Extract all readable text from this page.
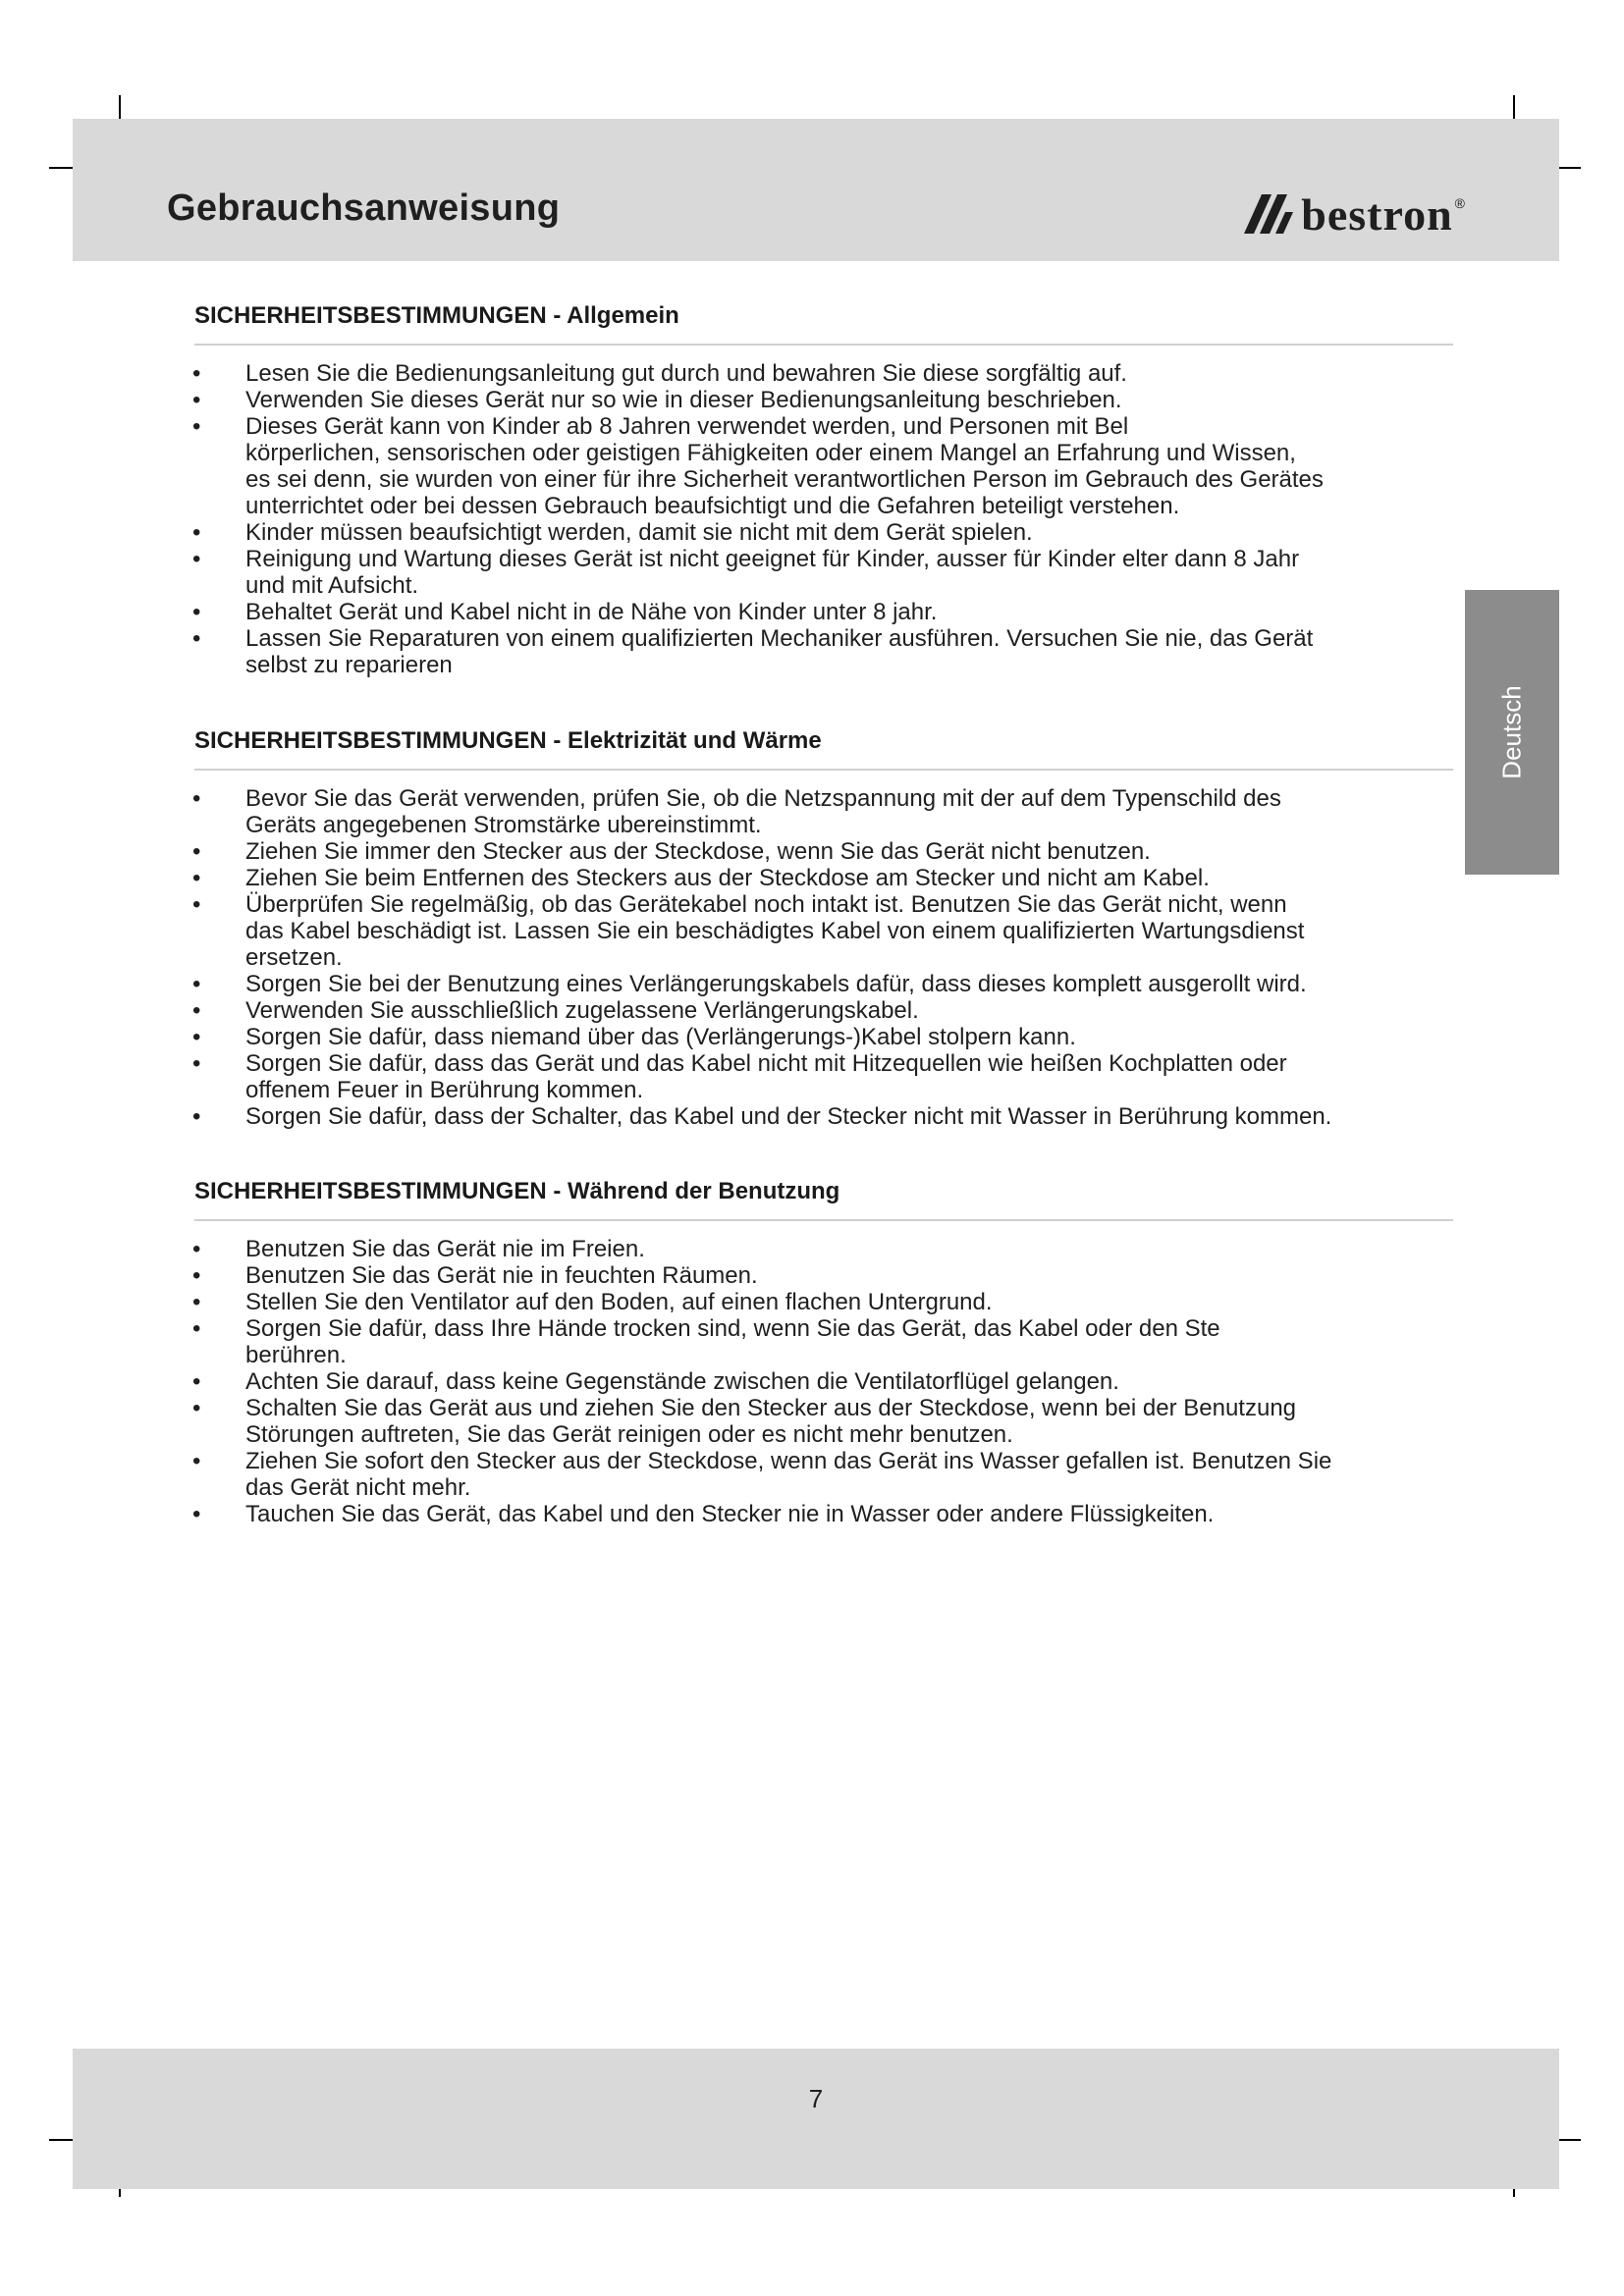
Gebrauchsanweisung	bestron ®
Deutsch
SICHERHEITSBESTIMMUNGEN - Allgemein
•	Lesen Sie die Bedienungsanleitung gut durch und bewahren Sie diese sorgfältig auf.
•	Verwenden Sie dieses Gerät nur so wie in dieser Bedienungsanleitung beschrieben.
•	Dieses Gerät kann von Kinder ab 8 Jahren verwendet werden, und Personen mit Bel
körperlichen, sensorischen oder geistigen Fähigkeiten oder einem Mangel an Erfahrung und Wissen,
es sei denn, sie wurden von einer für ihre Sicherheit verantwortlichen Person im Gebrauch des Gerätes
unterrichtet oder bei dessen Gebrauch beaufsichtigt und die Gefahren beteiligt verstehen.
•	Kinder müssen beaufsichtigt werden, damit sie nicht mit dem Gerät spielen.
•	Reinigung und Wartung dieses Gerät ist nicht geeignet für Kinder, ausser für Kinder elter dann 8 Jahr
und mit Aufsicht.
•	Behaltet Gerät und Kabel nicht in de Nähe von Kinder unter 8 jahr.
•	Lassen Sie Reparaturen von einem qualifizierten Mechaniker ausführen. Versuchen Sie nie, das Gerät
selbst zu reparieren
SICHERHEITSBESTIMMUNGEN - Elektrizität und Wärme
•	Bevor Sie das Gerät verwenden, prüfen Sie, ob die Netzspannung mit der auf dem Typenschild des
Geräts angegebenen Stromstärke ubereinstimmt.
•	Ziehen Sie immer den Stecker aus der Steckdose, wenn Sie das Gerät nicht benutzen.
•	Ziehen Sie beim Entfernen des Steckers aus der Steckdose am Stecker und nicht am Kabel.
•	Überprüfen Sie regelmäßig, ob das Gerätekabel noch intakt ist. Benutzen Sie das Gerät nicht, wenn
das Kabel beschädigt ist. Lassen Sie ein beschädigtes Kabel von einem qualifizierten Wartungsdienst
ersetzen.
•	Sorgen Sie bei der Benutzung eines Verlängerungskabels dafür, dass dieses komplett ausgerollt wird.
•	Verwenden Sie ausschließlich zugelassene Verlängerungskabel.
•	Sorgen Sie dafür, dass niemand über das (Verlängerungs-)Kabel stolpern kann.
•	Sorgen Sie dafür, dass das Gerät und das Kabel nicht mit Hitzequellen wie heißen Kochplatten oder
offenem Feuer in Berührung kommen.
•	Sorgen Sie dafür, dass der Schalter, das Kabel und der Stecker nicht mit Wasser in Berührung kommen.
SICHERHEITSBESTIMMUNGEN - Während der Benutzung
•	Benutzen Sie das Gerät nie im Freien.
•	Benutzen Sie das Gerät nie in feuchten Räumen.
•	Stellen Sie den Ventilator auf den Boden, auf einen flachen Untergrund.
•	Sorgen Sie dafür, dass Ihre Hände trocken sind, wenn Sie das Gerät, das Kabel oder den Ste
berühren.
•	Achten Sie darauf, dass keine Gegenstände zwischen die Ventilatorflügel gelangen.
•	Schalten Sie das Gerät aus und ziehen Sie den Stecker aus der Steckdose, wenn bei der Benutzung
Störungen auftreten, Sie das Gerät reinigen oder es nicht mehr benutzen.
•	Ziehen Sie sofort den Stecker aus der Steckdose, wenn das Gerät ins Wasser gefallen ist. Benutzen Sie
das Gerät nicht mehr.
•	Tauchen Sie das Gerät, das Kabel und den Stecker nie in Wasser oder andere Flüssigkeiten.
7
